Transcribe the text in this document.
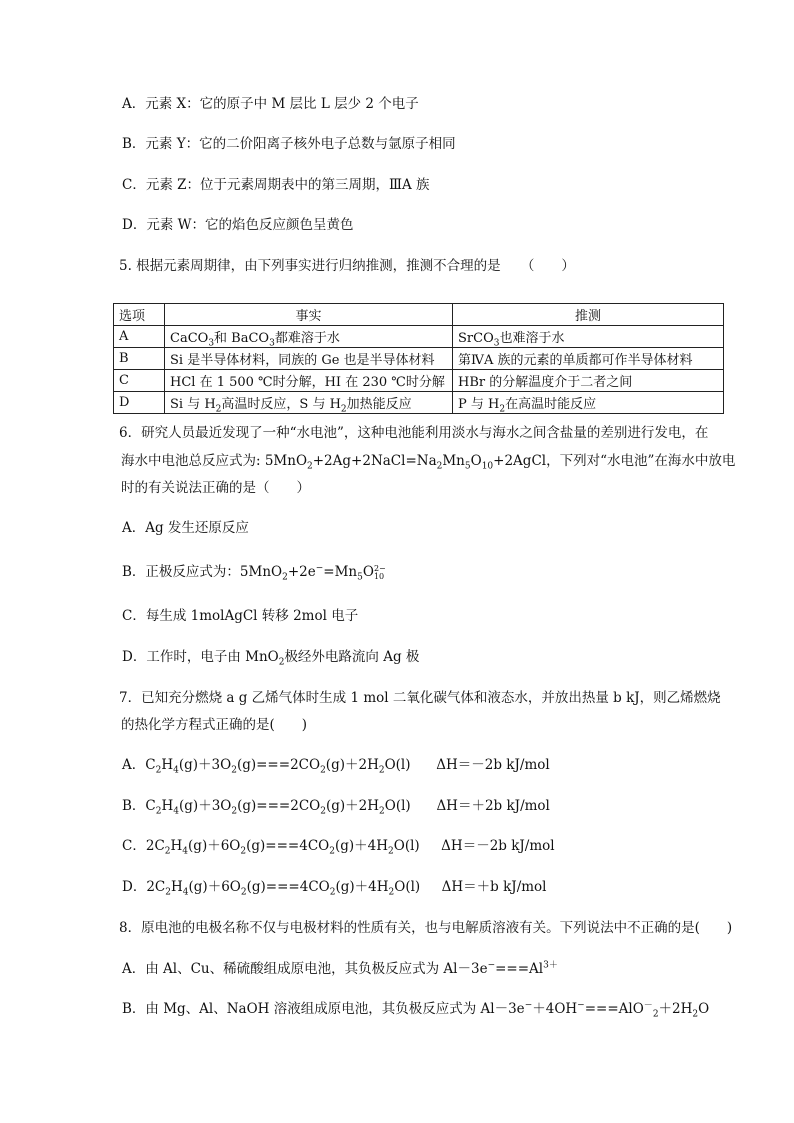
A．元素 X：它的原子中 M 层比 L 层少 2 个电子
B．元素 Y：它的二价阳离子核外电子总数与氩原子相同
C．元素 Z：位于元素周期表中的第三周期，ⅢA 族
D．元素 W：它的焰色反应颜色呈黄色
5. 根据元素周期律，由下列事实进行归纳推测，推测不合理的是　　（　　）
选项	事实	推测
A	CaCO$_3$和 BaCO$_3$都难溶于水	SrCO$_3$也难溶于水
B	Si 是半导体材料，同族的 Ge 也是半导体材料	第ⅣA 族的元素的单质都可作半导体材料
C	HCl 在 1 500 ℃时分解，HI 在 230 ℃时分解	HBr 的分解温度介于二者之间
D	Si 与 $H_2$高温时反应，S 与 $H_2$加热能反应	P 与 $H_2$在高温时能反应
6．研究人员最近发现了一种“水电池”，这种电池能利用淡水与海水之间含盐量的差别进行发电，在
海水中电池总反应式为: $5MnO_2+2Ag+2NaCl=Na_2Mn_5O_{10}+2AgCl$，下列对“水电池”在海水中放电
时的有关说法正确的是（　　）
A．Ag 发生还原反应
B．正极反应式为：$5MnO_2+2e^-=Mn_5O$ 2−
10
C．每生成 1molAgCl 转移 2mol 电子
D．工作时，电子由 MnO$_2$极经外电路流向 Ag 极
7．已知充分燃烧 a g 乙烯气体时生成 1 mol 二氧化碳气体和液态水，并放出热量 b kJ，则乙烯燃烧
的热化学方程式正确的是(　　)
A．$C_2H_4(g)+3O_2(g)===2CO_2(g)+2H_2O(l)$      ΔH＝－2b kJ/mol
B．$C_2H_4(g)+3O_2(g)===2CO_2(g)+2H_2O(l)$      ΔH＝＋2b kJ/mol
C．$2C_2H_4(g)+6O_2(g)===4CO_2(g)+4H_2O(l)$     ΔH＝－2b kJ/mol
D．$2C_2H_4(g)+6O_2(g)===4CO_2(g)+4H_2O(l)$     ΔH＝＋b kJ/mol
8．原电池的电极名称不仅与电极材料的性质有关，也与电解质溶液有关。下列说法中不正确的是(　　)
A．由 Al、Cu、稀硫酸组成原电池，其负极反应式为 $Al-3e^-===Al^{3+}$
B．由 Mg、Al、NaOH 溶液组成原电池，其负极反应式为 $Al-3e^-+4OH^-===AlO^-_2+2H_2O$
